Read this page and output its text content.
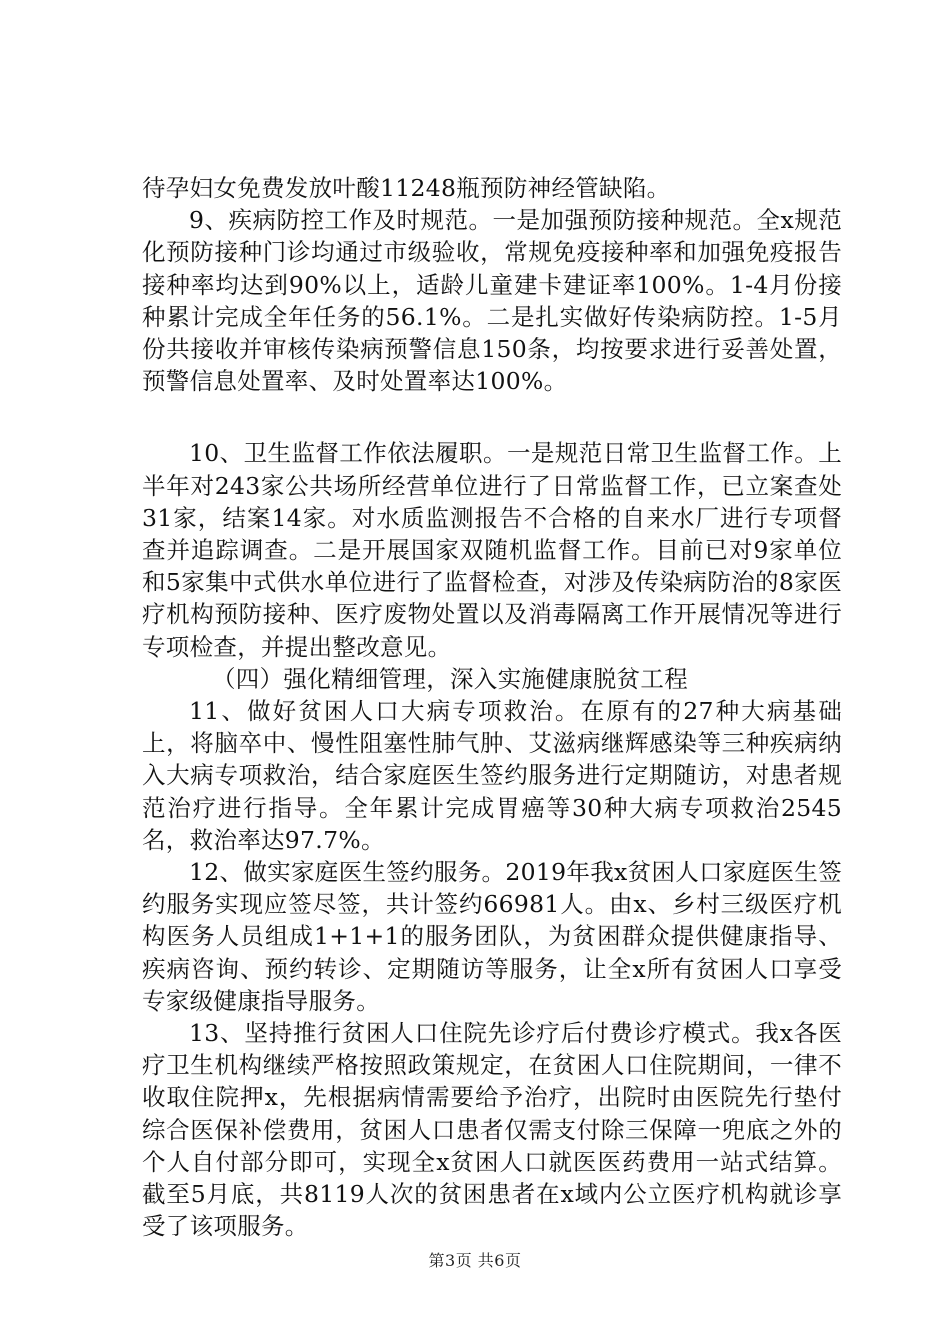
待孕妇女免费发放叶酸11248瓶预防神经管缺陷。

9、疾病防控工作及时规范。一是加强预防接种规范。全x规范化预防接种门诊均通过市级验收，常规免疫接种率和加强免疫报告接种率均达到90%以上，适龄儿童建卡建证率100%。1-4月份接种累计完成全年任务的56.1%。二是扎实做好传染病防控。1-5月份共接收并审核传染病预警信息150条，均按要求进行妥善处置，预警信息处置率、及时处置率达100%。

10、卫生监督工作依法履职。一是规范日常卫生监督工作。上半年对243家公共场所经营单位进行了日常监督工作，已立案查处31家，结案14家。对水质监测报告不合格的自来水厂进行专项督查并追踪调查。二是开展国家双随机监督工作。目前已对9家单位和5家集中式供水单位进行了监督检查，对涉及传染病防治的8家医疗机构预防接种、医疗废物处置以及消毒隔离工作开展情况等进行专项检查，并提出整改意见。

（四）强化精细管理，深入实施健康脱贫工程

11、做好贫困人口大病专项救治。在原有的27种大病基础上，将脑卒中、慢性阻塞性肺气肿、艾滋病继辉感染等三种疾病纳入大病专项救治，结合家庭医生签约服务进行定期随访，对患者规范治疗进行指导。全年累计完成胃癌等30种大病专项救治2545名，救治率达97.7%。

12、做实家庭医生签约服务。2019年我x贫困人口家庭医生签约服务实现应签尽签，共计签约66981人。由x、乡村三级医疗机构医务人员组成1+1+1的服务团队，为贫困群众提供健康指导、疾病咨询、预约转诊、定期随访等服务，让全x所有贫困人口享受专家级健康指导服务。

13、坚持推行贫困人口住院先诊疗后付费诊疗模式。我x各医疗卫生机构继续严格按照政策规定，在贫困人口住院期间，一律不收取住院押x，先根据病情需要给予治疗，出院时由医院先行垫付综合医保补偿费用，贫困人口患者仅需支付除三保障一兜底之外的个人自付部分即可，实现全x贫困人口就医医药费用一站式结算。截至5月底，共8119人次的贫困患者在x域内公立医疗机构就诊享受了该项服务。

第3页 共6页
